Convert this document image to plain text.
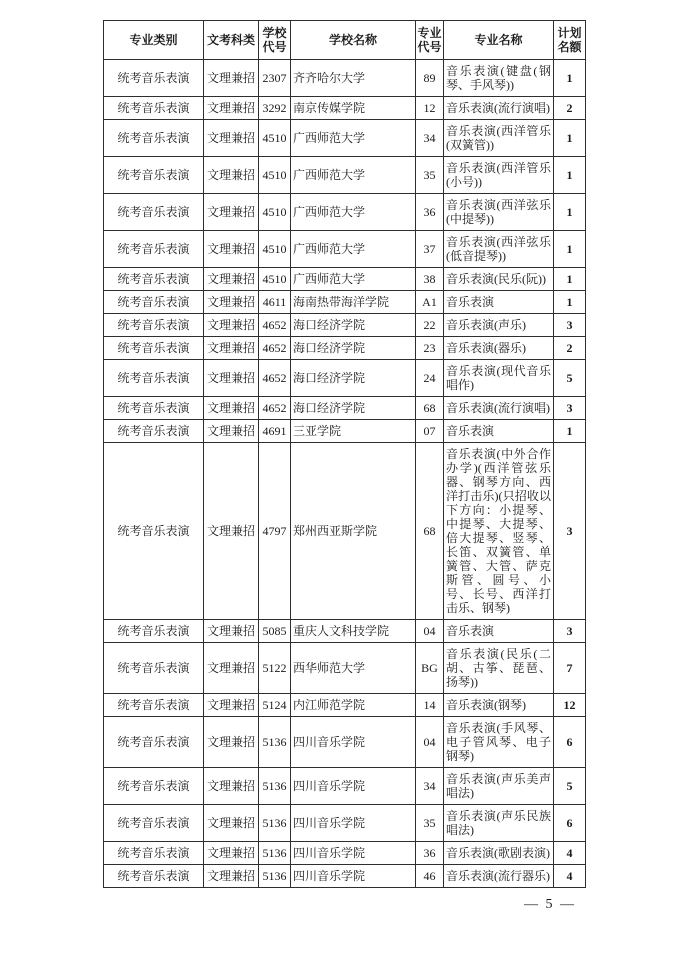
专业类别	文考科类	学校代号	学校名称	专业代号	专业名称	计划名额
统考音乐表演	文理兼招	2307	齐齐哈尔大学	89	音乐表演(键盘(钢琴、手风琴))	1
统考音乐表演	文理兼招	3292	南京传媒学院	12	音乐表演(流行演唱)	2
统考音乐表演	文理兼招	4510	广西师范大学	34	音乐表演(西洋管乐(双簧管))	1
统考音乐表演	文理兼招	4510	广西师范大学	35	音乐表演(西洋管乐(小号))	1
统考音乐表演	文理兼招	4510	广西师范大学	36	音乐表演(西洋弦乐(中提琴))	1
统考音乐表演	文理兼招	4510	广西师范大学	37	音乐表演(西洋弦乐(低音提琴))	1
统考音乐表演	文理兼招	4510	广西师范大学	38	音乐表演(民乐(阮))	1
统考音乐表演	文理兼招	4611	海南热带海洋学院	A1	音乐表演	1
统考音乐表演	文理兼招	4652	海口经济学院	22	音乐表演(声乐)	3
统考音乐表演	文理兼招	4652	海口经济学院	23	音乐表演(器乐)	2
统考音乐表演	文理兼招	4652	海口经济学院	24	音乐表演(现代音乐唱作)	5
统考音乐表演	文理兼招	4652	海口经济学院	68	音乐表演(流行演唱)	3
统考音乐表演	文理兼招	4691	三亚学院	07	音乐表演	1
统考音乐表演	文理兼招	4797	郑州西亚斯学院	68	音乐表演(中外合作办学)(西洋管弦乐器、钢琴方向、西洋打击乐)(只招收以下方向：小提琴、中提琴、大提琴、倍大提琴、竖琴、长笛、双簧管、单簧管、大管、萨克斯管、圆号、小号、长号、西洋打击乐、钢琴)	3
统考音乐表演	文理兼招	5085	重庆人文科技学院	04	音乐表演	3
统考音乐表演	文理兼招	5122	西华师范大学	BG	音乐表演(民乐(二胡、古筝、琵琶、扬琴))	7
统考音乐表演	文理兼招	5124	内江师范学院	14	音乐表演(钢琴)	12
统考音乐表演	文理兼招	5136	四川音乐学院	04	音乐表演(手风琴、电子管风琴、电子钢琴)	6
统考音乐表演	文理兼招	5136	四川音乐学院	34	音乐表演(声乐美声唱法)	5
统考音乐表演	文理兼招	5136	四川音乐学院	35	音乐表演(声乐民族唱法)	6
统考音乐表演	文理兼招	5136	四川音乐学院	36	音乐表演(歌剧表演)	4
统考音乐表演	文理兼招	5136	四川音乐学院	46	音乐表演(流行器乐)	4
— 5 —
